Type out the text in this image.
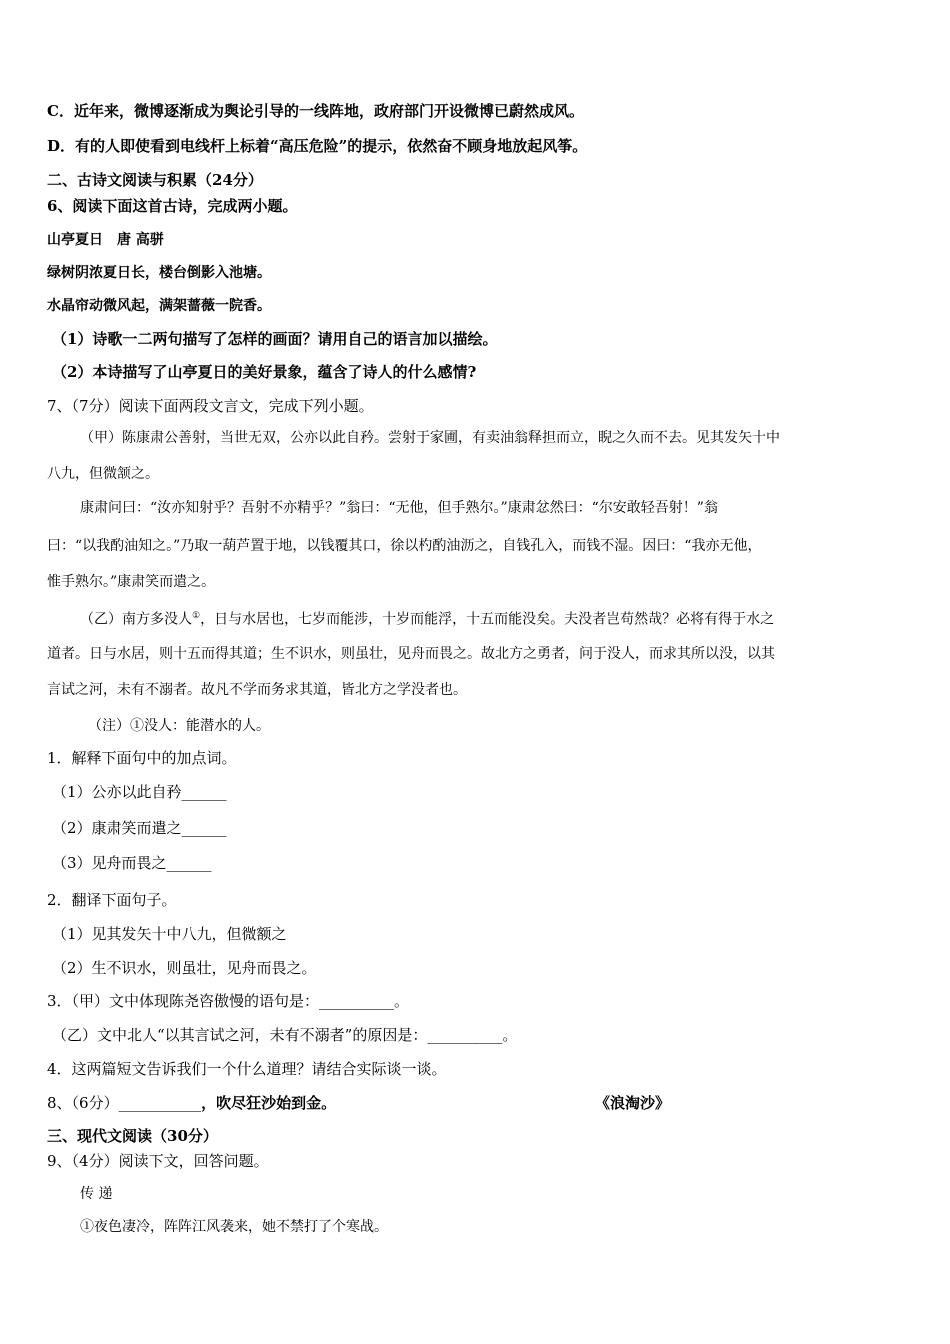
C．近年来，微博逐渐成为舆论引导的一线阵地，政府部门开设微博已蔚然成风。
D．有的人即使看到电线杆上标着“高压危险”的提示，依然奋不顾身地放起风筝。
二、古诗文阅读与积累（24分）
6、阅读下面这首古诗，完成两小题。
山亭夏日　唐 高骈
绿树阴浓夏日长，楼台倒影入池塘。
水晶帘动微风起，满架蔷薇一院香。
（1）诗歌一二两句描写了怎样的画面？请用自己的语言加以描绘。
（2）本诗描写了山亭夏日的美好景象，蕴含了诗人的什么感情?
7、（7分）阅读下面两段文言文，完成下列小题。
（甲）陈康肃公善射，当世无双，公亦以此自矜。尝射于家圃，有卖油翁释担而立，睨之久而不去。见其发矢十中
八九，但微颔之。
康肃问曰：“汝亦知射乎？吾射不亦精乎？”翁曰：“无他，但手熟尔。”康肃忿然曰：“尔安敢轻吾射！”翁
曰：“以我酌油知之。”乃取一葫芦置于地，以钱覆其口，徐以杓酌油沥之，自钱孔入，而钱不湿。因曰：“我亦无他，
惟手熟尔。”康肃笑而遣之。
（乙）南方多没人①，日与水居也，七岁而能涉，十岁而能浮，十五而能没矣。夫没者岂苟然哉？必将有得于水之
道者。日与水居，则十五而得其道；生不识水，则虽壮，见舟而畏之。故北方之勇者，问于没人，而求其所以没，以其
言试之河，未有不溺者。故凡不学而务求其道，皆北方之学没者也。
（注）①没人：能潜水的人。
1．解释下面句中的加点词。
（1）公亦以此自矜______
（2）康肃笑而遣之______
（3）见舟而畏之______
2．翻译下面句子。
（1）见其发矢十中八九，但微额之
（2）生不识水，则虽壮，见舟而畏之。
3．（甲）文中体现陈尧咨傲慢的语句是：__________。
（乙）文中北人“以其言试之河，未有不溺者”的原因是：__________。
4．这两篇短文告诉我们一个什么道理？请结合实际谈一谈。
8、（6分）___________，吹尽狂沙始到金。	《浪淘沙》
三、现代文阅读（30分）
9、（4分）阅读下文，回答问题。
传 递
①夜色凄冷，阵阵江风袭来，她不禁打了个寒战。
